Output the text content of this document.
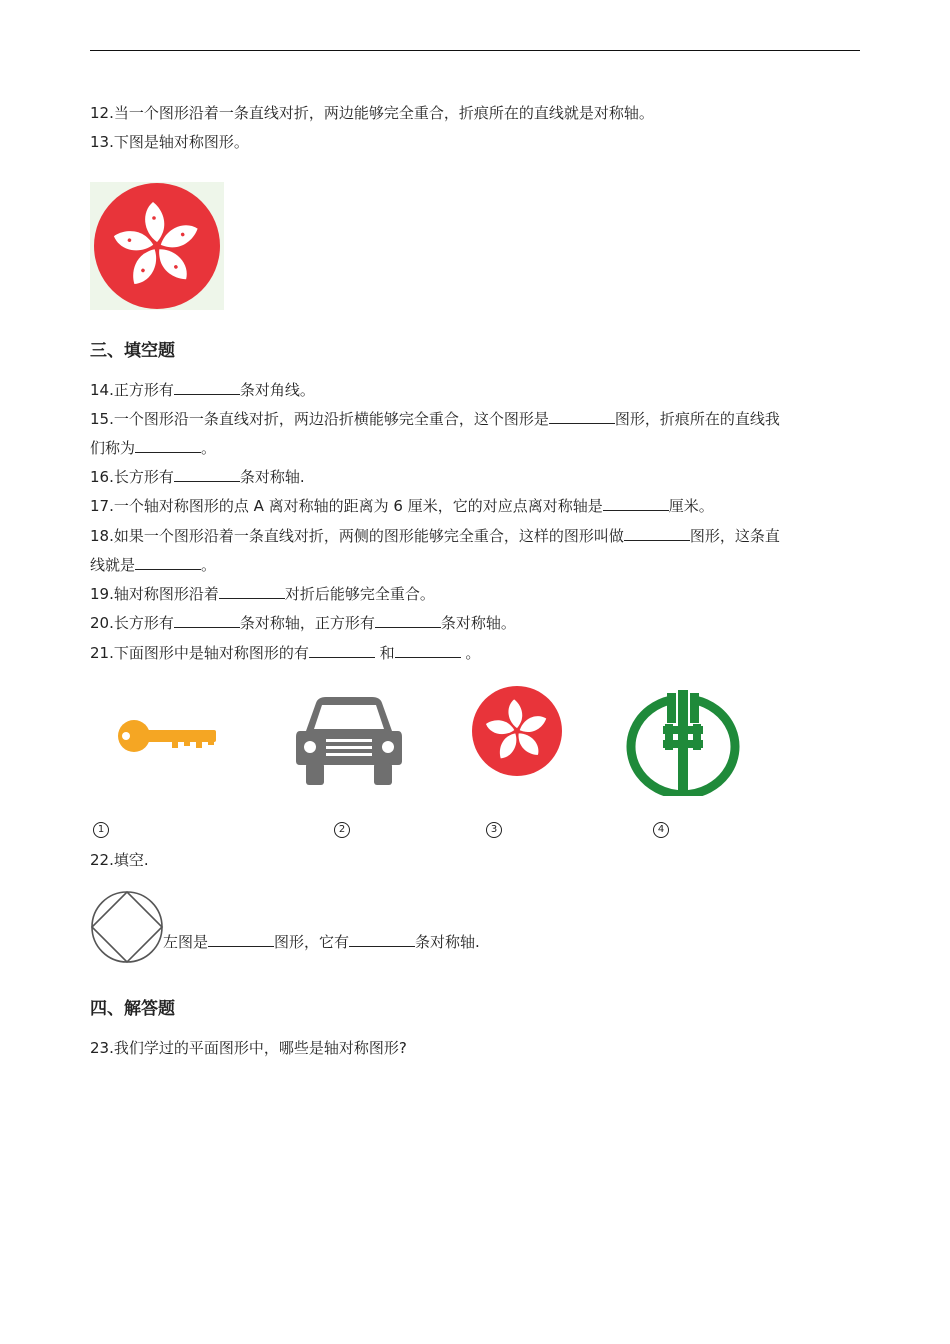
12.当一个图形沿着一条直线对折，两边能够完全重合，折痕所在的直线就是对称轴。
13.下图是轴对称图形。
三、填空题
14.正方形有	条对角线。
15.一个图形沿一条直线对折，两边沿折横能够完全重合，这个图形是	图形，折痕所在的直线我
们称为	。
16.长方形有	条对称轴.
17.一个轴对称图形的点 A 离对称轴的距离为 6 厘米，它的对应点离对称轴是	厘米。
18.如果一个图形沿着一条直线对折，两侧的图形能够完全重合，这样的图形叫做	图形，这条直
线就是	。
19.轴对称图形沿着	对折后能够完全重合。
20.长方形有	条对称轴，正方形有	条对称轴。
21.下面图形中是轴对称图形的有	和	。
1	2	3	4
22.填空.
左图是	图形，它有	条对称轴.
四、解答题
23.我们学过的平面图形中，哪些是轴对称图形?
